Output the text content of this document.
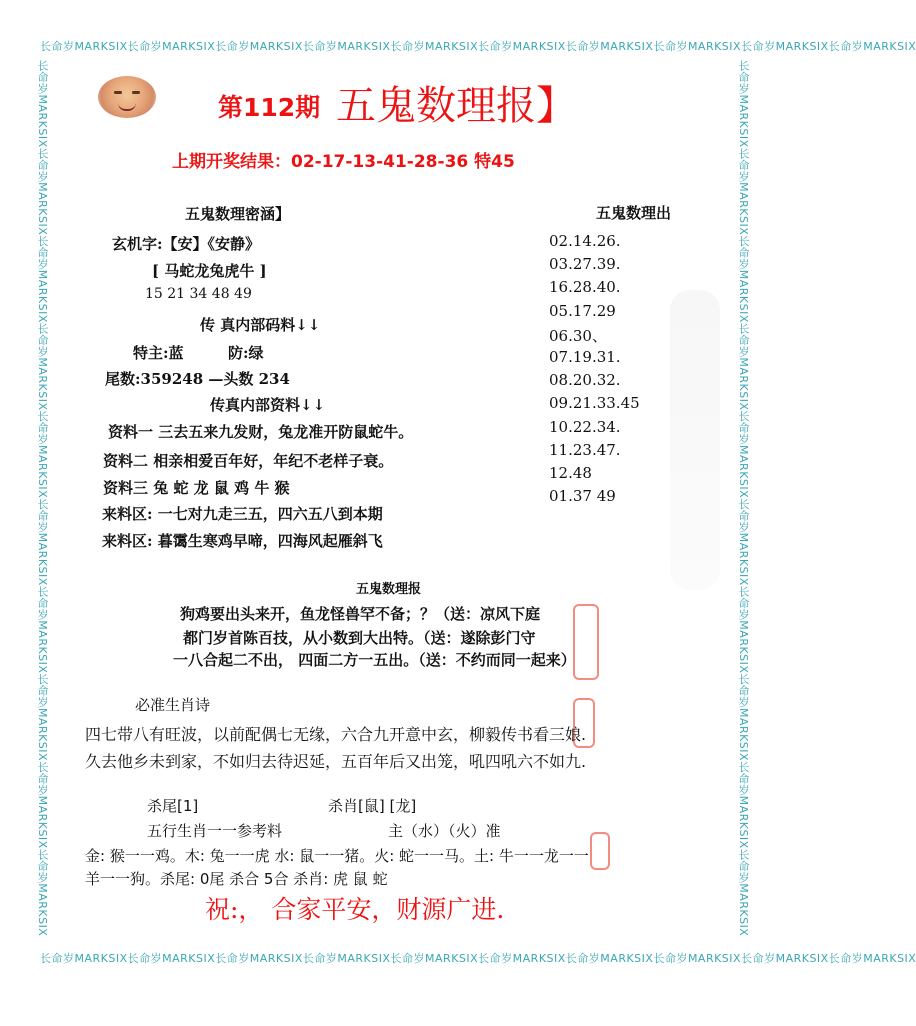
长命岁MARKSIX长命岁MARKSIX长命岁MARKSIX长命岁MARKSIX长命岁MARKSIX长命岁MARKSIX长命岁MARKSIX长命岁MARKSIX长命岁MARKSIX长命岁MARKSIX
长命岁MARKSIX长命岁MARKSIX长命岁MARKSIX长命岁MARKSIX长命岁MARKSIX长命岁MARKSIX长命岁MARKSIX长命岁MARKSIX长命岁MARKSIX长命岁MARKSIX
长命岁MARKSIX长命岁MARKSIX长命岁MARKSIX长命岁MARKSIX长命岁MARKSIX长命岁MARKSIX长命岁MARKSIX长命岁MARKSIX长命岁MARKSIX长命岁MARKSIX	长命岁MARKSIX长命岁MARKSIX长命岁MARKSIX长命岁MARKSIX长命岁MARKSIX长命岁MARKSIX长命岁MARKSIX长命岁MARKSIX长命岁MARKSIX长命岁MARKSIX
第112期 五鬼数理报】
上期开奖结果：02-17-13-41-28-36 特45
五鬼数理密涵】
玄机字:【安】《安静》
[ 马蛇龙兔虎牛 ]
15 21 34 48 49
传 真内部码料↓↓
特主:蓝	防:绿
尾数:359248 —头数 234
传真内部资料↓↓
资料一 三去五来九发财，兔龙准开防鼠蛇牛。
资料二 相亲相爱百年好，年纪不老样子衰。
资料三 兔 蛇 龙 鼠 鸡 牛 猴
来料区: 一七对九走三五，四六五八到本期
来料区: 暮霭生寒鸡早啼，四海风起雁斜飞
五鬼数理出
02.14.26.
03.27.39.
16.28.40.
05.17.29
06.30、
07.19.31.
08.20.32.
09.21.33.45
10.22.34.
11.23.47.
12.48
01.37 49
五鬼数理报
狗鸡要出头来开，鱼龙怪兽罕不备；？（送：凉风下庭
都门岁首陈百技，从小数到大出特。（送：遂除彭门守
一八合起二不出， 四面二方一五出。（送：不约而同一起来）
必准生肖诗
四七带八有旺波，以前配偶七无缘，六合九开意中玄，柳毅传书看三娘.
久去他乡未到家，不如归去待迟延，五百年后又出笼，吼四吼六不如九.
杀尾[1]	杀肖[鼠] [龙]
五行生肖一一参考料	主（水）（火）准
金: 猴一一鸡。木: 兔一一虎 水: 鼠一一猪。火: 蛇一一马。土: 牛一一龙一一
羊一一狗。杀尾: 0尾 杀合 5合 杀肖: 虎 鼠 蛇
祝:， 合家平安，财源广进.
